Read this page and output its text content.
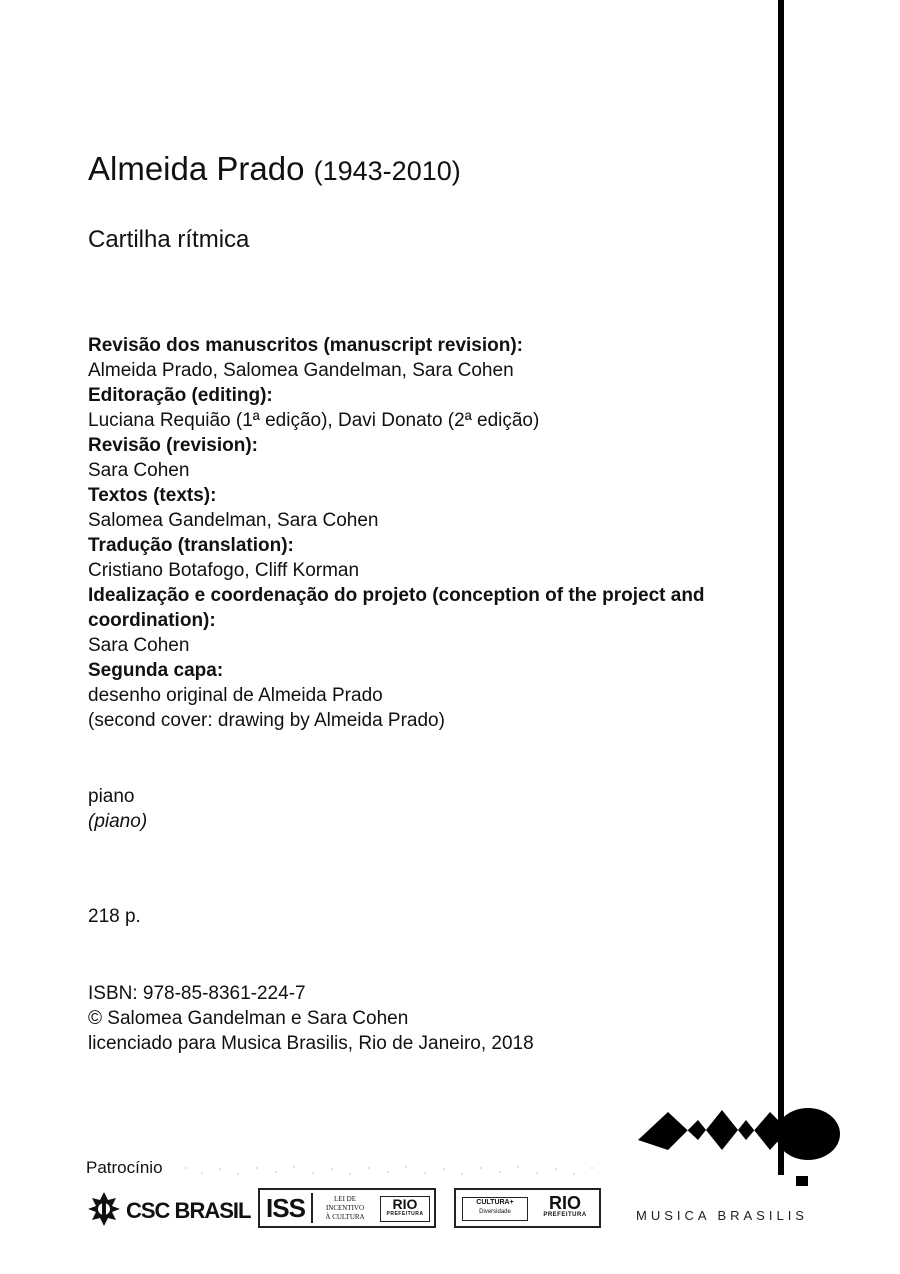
Almeida Prado (1943-2010)
Cartilha rítmica
Revisão dos manuscritos (manuscript revision):
Almeida Prado, Salomea Gandelman, Sara Cohen
Editoração (editing):
Luciana Requião (1ª edição), Davi Donato (2ª edição)
Revisão (revision):
Sara Cohen
Textos (texts):
Salomea Gandelman, Sara Cohen
Tradução (translation):
Cristiano Botafogo, Cliff Korman
Idealização e coordenação do projeto (conception of the project and coordination):
Sara Cohen
Segunda capa:
desenho original de Almeida Prado
(second cover: drawing by Almeida Prado)
piano
(piano)
218 p.
ISBN: 978-85-8361-224-7
© Salomea Gandelman e Sara Cohen
licenciado para Musica Brasilis, Rio de Janeiro, 2018
Patrocínio
CSC BRASIL ISS	LEI DE
INCENTIVO
À CULTURA
RIO
PREFEITURA
CULTURA+
Diversidade	RIO
PREFEITURA	MUSICA BRASILIS
